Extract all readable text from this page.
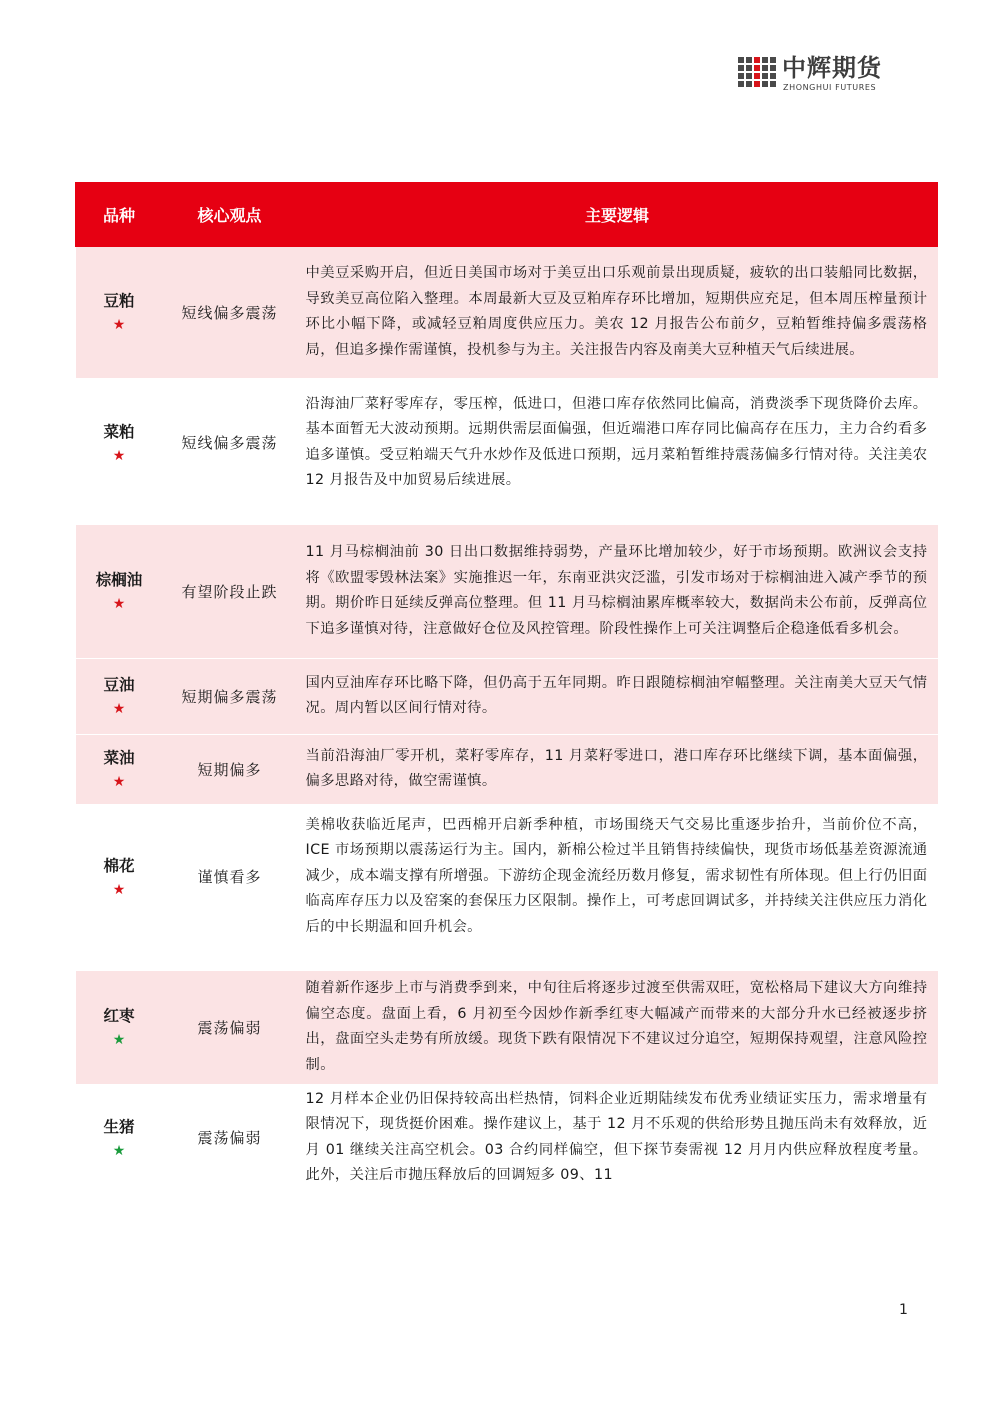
中辉期货
ZHONGHUI FUTURES
品种	核心观点	主要逻辑
豆粕
★	短线偏多震荡	中美豆采购开启，但近日美国市场对于美豆出口乐观前景出现质疑，疲软的出口装船同比数据，导致美豆高位陷入整理。本周最新大豆及豆粕库存环比增加，短期供应充足，但本周压榨量预计环比小幅下降，或减轻豆粕周度供应压力。美农 12 月报告公布前夕，豆粕暂维持偏多震荡格局，但追多操作需谨慎，投机参与为主。关注报告内容及南美大豆种植天气后续进展。
菜粕
★	短线偏多震荡	沿海油厂菜籽零库存，零压榨，低进口，但港口库存依然同比偏高，消费淡季下现货降价去库。基本面暂无大波动预期。远期供需层面偏强，但近端港口库存同比偏高存在压力，主力合约看多追多谨慎。受豆粕端天气升水炒作及低进口预期，远月菜粕暂维持震荡偏多行情对待。关注美农 12 月报告及中加贸易后续进展。

棕榈油
★	有望阶段止跌	11 月马棕榈油前 30 日出口数据维持弱势，产量环比增加较少，好于市场预期。欧洲议会支持将《欧盟零毁林法案》实施推迟一年，东南亚洪灾泛滥，引发市场对于棕榈油进入减产季节的预期。期价昨日延续反弹高位整理。但 11 月马棕榈油累库概率较大，数据尚未公布前，反弹高位下追多谨慎对待，注意做好仓位及风控管理。阶段性操作上可关注调整后企稳逢低看多机会。
豆油
★	短期偏多震荡	国内豆油库存环比略下降，但仍高于五年同期。昨日跟随棕榈油窄幅整理。关注南美大豆天气情况。周内暂以区间行情对待。
菜油
★	短期偏多	当前沿海油厂零开机，菜籽零库存，11 月菜籽零进口，港口库存环比继续下调，基本面偏强，偏多思路对待，做空需谨慎。
棉花
★	谨慎看多	美棉收获临近尾声，巴西棉开启新季种植，市场围绕天气交易比重逐步抬升，当前价位不高，ICE 市场预期以震荡运行为主。国内，新棉公检过半且销售持续偏快，现货市场低基差资源流通减少，成本端支撑有所增强。下游纺企现金流经历数月修复，需求韧性有所体现。但上行仍旧面临高库存压力以及窑案的套保压力区限制。操作上，可考虑回调试多，并持续关注供应压力消化后的中长期温和回升机会。

红枣
★	震荡偏弱	随着新作逐步上市与消费季到来，中旬往后将逐步过渡至供需双旺，宽松格局下建议大方向维持偏空态度。盘面上看，6 月初至今因炒作新季红枣大幅减产而带来的大部分升水已经被逐步挤出，盘面空头走势有所放缓。现货下跌有限情况下不建议过分追空，短期保持观望，注意风险控制。
生猪
★	震荡偏弱	12 月样本企业仍旧保持较高出栏热情，饲料企业近期陆续发布优秀业绩证实压力，需求增量有限情况下，现货挺价困难。操作建议上，基于 12 月不乐观的供给形势且抛压尚未有效释放，近月 01 继续关注高空机会。03 合约同样偏空，但下探节奏需视 12 月月内供应释放程度考量。此外，关注后市抛压释放后的回调短多 09、11
1
